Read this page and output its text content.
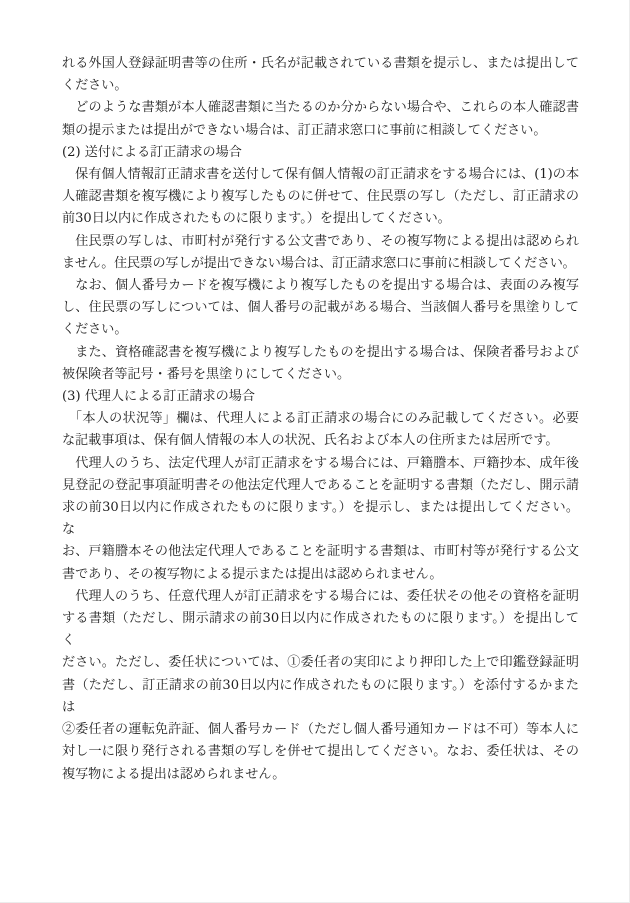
れる外国人登録証明書等の住所・氏名が記載されている書類を提示し、または提出して
ください。
　どのような書類が本人確認書類に当たるのか分からない場合や、これらの本人確認書
類の提示または提出ができない場合は、訂正請求窓口に事前に相談してください。
(2) 送付による訂正請求の場合
　保有個人情報訂正請求書を送付して保有個人情報の訂正請求をする場合には、(1)の本
人確認書類を複写機により複写したものに併せて、住民票の写し（ただし、訂正請求の
前30日以内に作成されたものに限ります。）を提出してください。
　住民票の写しは、市町村が発行する公文書であり、その複写物による提出は認められ
ません。住民票の写しが提出できない場合は、訂正請求窓口に事前に相談してください。
　なお、個人番号カードを複写機により複写したものを提出する場合は、表面のみ複写
し、住民票の写しについては、個人番号の記載がある場合、当該個人番号を黒塗りして
ください。
　また、資格確認書を複写機により複写したものを提出する場合は、保険者番号および
被保険者等記号・番号を黒塗りにしてください。
(3) 代理人による訂正請求の場合
　「本人の状況等」欄は、代理人による訂正請求の場合にのみ記載してください。必要
な記載事項は、保有個人情報の本人の状況、氏名および本人の住所または居所です。
　代理人のうち、法定代理人が訂正請求をする場合には、戸籍謄本、戸籍抄本、成年後
見登記の登記事項証明書その他法定代理人であることを証明する書類（ただし、開示請
求の前30日以内に作成されたものに限ります。）を提示し、または提出してください。な
お、戸籍謄本その他法定代理人であることを証明する書類は、市町村等が発行する公文
書であり、その複写物による提示または提出は認められません。
　代理人のうち、任意代理人が訂正請求をする場合には、委任状その他その資格を証明
する書類（ただし、開示請求の前30日以内に作成されたものに限ります。）を提出してく
ださい。ただし、委任状については、①委任者の実印により押印した上で印鑑登録証明
書（ただし、訂正請求の前30日以内に作成されたものに限ります。）を添付するかまたは
②委任者の運転免許証、個人番号カード（ただし個人番号通知カードは不可）等本人に
対し一に限り発行される書類の写しを併せて提出してください。なお、委任状は、その
複写物による提出は認められません。
